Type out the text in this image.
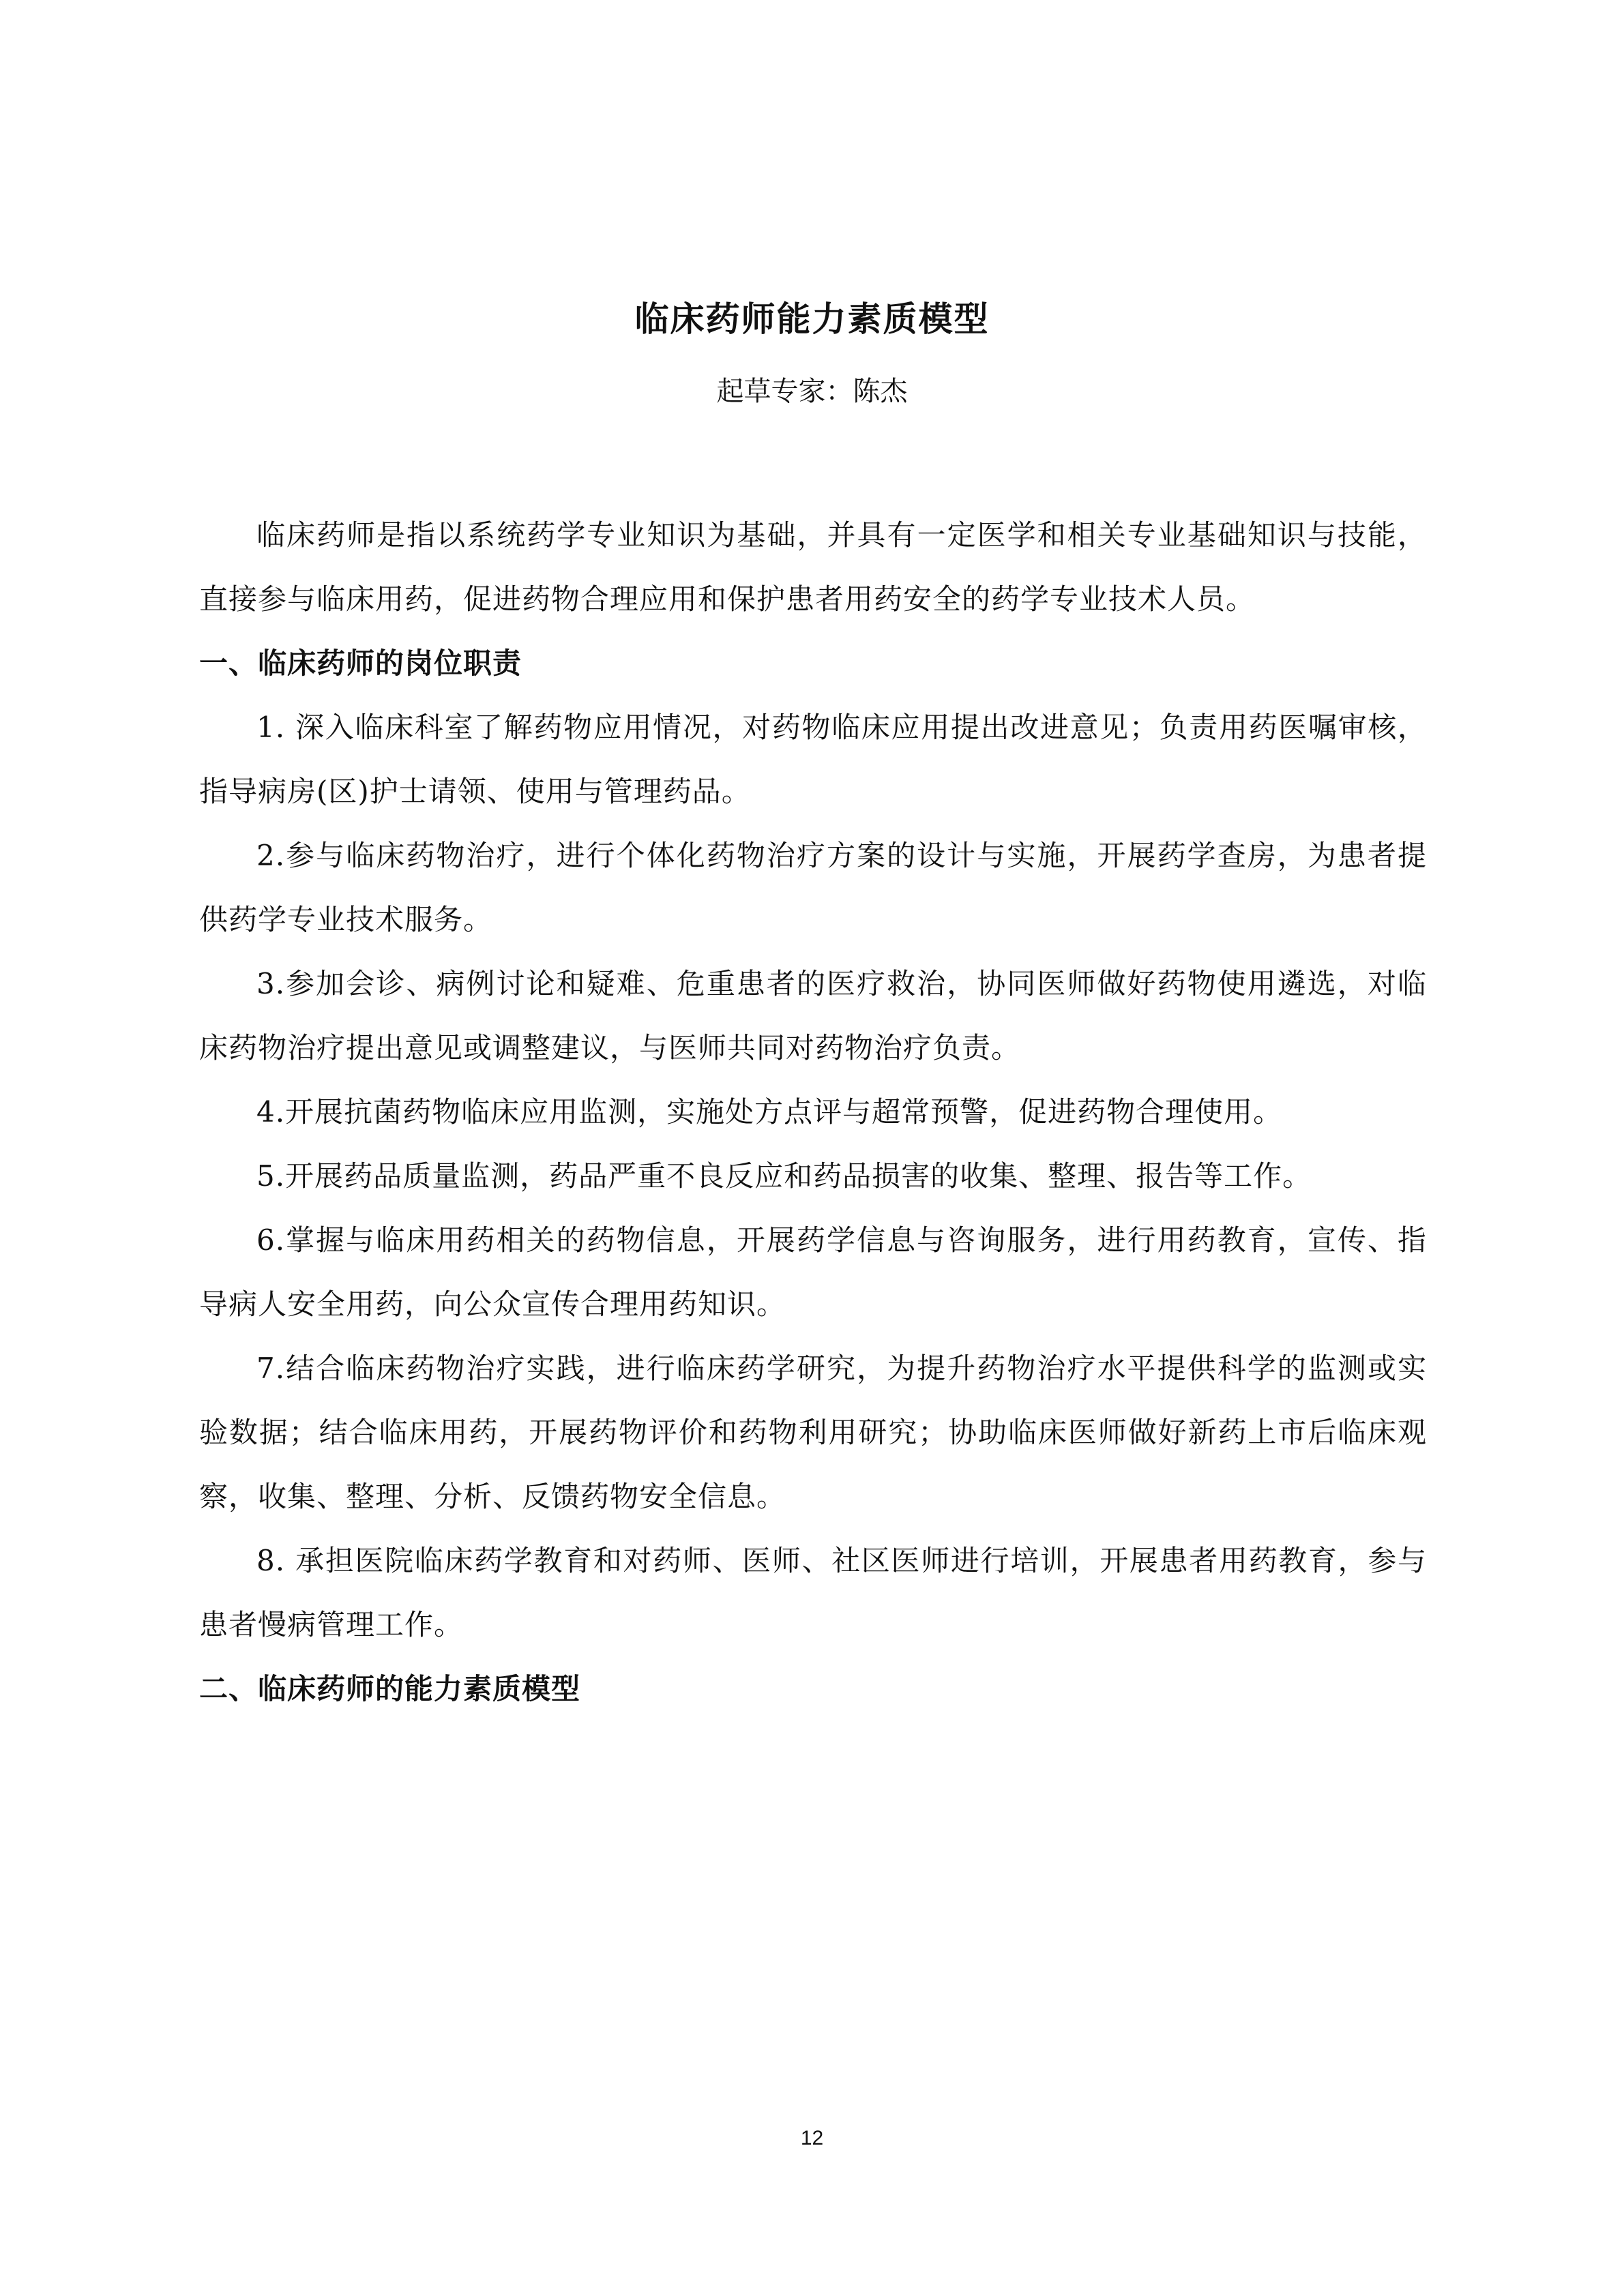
临床药师能力素质模型
起草专家：陈杰

临床药师是指以系统药学专业知识为基础，并具有一定医学和相关专业基础知识与技能，直接参与临床用药，促进药物合理应用和保护患者用药安全的药学专业技术人员。

一、临床药师的岗位职责

1. 深入临床科室了解药物应用情况，对药物临床应用提出改进意见；负责用药医嘱审核，指导病房(区)护士请领、使用与管理药品。

2.参与临床药物治疗，进行个体化药物治疗方案的设计与实施，开展药学查房，为患者提供药学专业技术服务。

3.参加会诊、病例讨论和疑难、危重患者的医疗救治，协同医师做好药物使用遴选，对临床药物治疗提出意见或调整建议，与医师共同对药物治疗负责。

4.开展抗菌药物临床应用监测，实施处方点评与超常预警，促进药物合理使用。

5.开展药品质量监测，药品严重不良反应和药品损害的收集、整理、报告等工作。

6.掌握与临床用药相关的药物信息，开展药学信息与咨询服务，进行用药教育，宣传、指导病人安全用药，向公众宣传合理用药知识。

7.结合临床药物治疗实践，进行临床药学研究，为提升药物治疗水平提供科学的监测或实验数据；结合临床用药，开展药物评价和药物利用研究；协助临床医师做好新药上市后临床观察，收集、整理、分析、反馈药物安全信息。

8. 承担医院临床药学教育和对药师、医师、社区医师进行培训，开展患者用药教育，参与患者慢病管理工作。

二、临床药师的能力素质模型

12
